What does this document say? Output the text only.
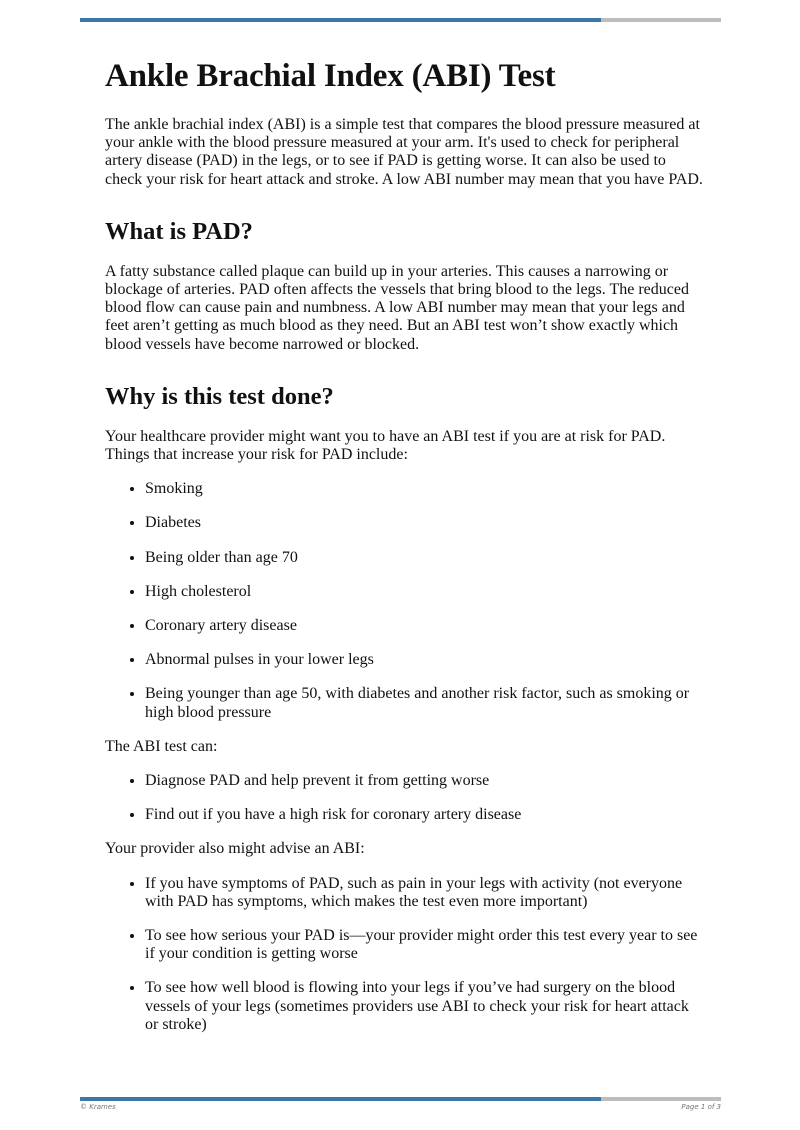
Ankle Brachial Index (ABI) Test

The ankle brachial index (ABI) is a simple test that compares the blood pressure measured at your ankle with the blood pressure measured at your arm. It's used to check for peripheral artery disease (PAD) in the legs, or to see if PAD is getting worse. It can also be used to check your risk for heart attack and stroke. A low ABI number may mean that you have PAD.

What is PAD?

A fatty substance called plaque can build up in your arteries. This causes a narrowing or blockage of arteries. PAD often affects the vessels that bring blood to the legs. The reduced blood flow can cause pain and numbness. A low ABI number may mean that your legs and feet aren’t getting as much blood as they need. But an ABI test won’t show exactly which blood vessels have become narrowed or blocked.

Why is this test done?

Your healthcare provider might want you to have an ABI test if you are at risk for PAD. Things that increase your risk for PAD include:

• Smoking
• Diabetes
• Being older than age 70
• High cholesterol
• Coronary artery disease
• Abnormal pulses in your lower legs
• Being younger than age 50, with diabetes and another risk factor, such as smoking or high blood pressure

The ABI test can:

• Diagnose PAD and help prevent it from getting worse
• Find out if you have a high risk for coronary artery disease

Your provider also might advise an ABI:

• If you have symptoms of PAD, such as pain in your legs with activity (not everyone with PAD has symptoms, which makes the test even more important)
• To see how serious your PAD is—your provider might order this test every year to see if your condition is getting worse
• To see how well blood is flowing into your legs if you’ve had surgery on the blood vessels of your legs (sometimes providers use ABI to check your risk for heart attack or stroke)
© Krames	Page 1 of 3
